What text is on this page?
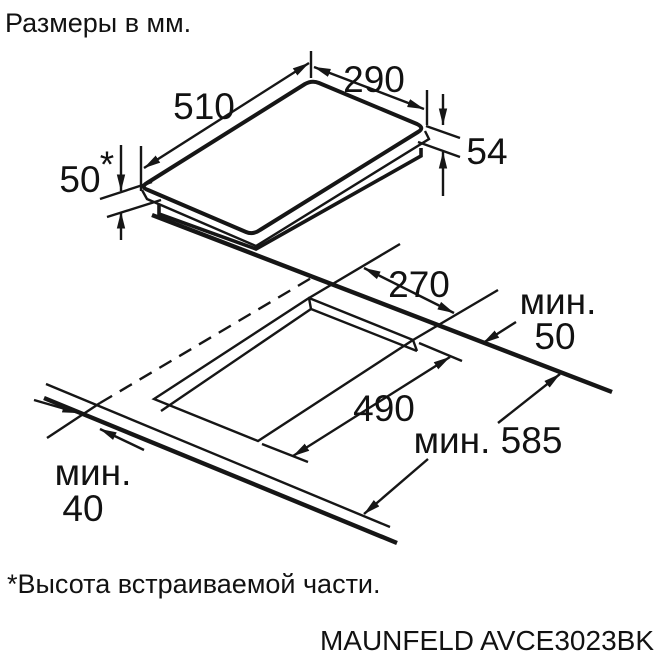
Размеры в мм.
510
290
50 *	54
270 мин.
50
490
мин. 585
мин.
40
*Высота встраиваемой части.
MAUNFELD AVCE3023BK
